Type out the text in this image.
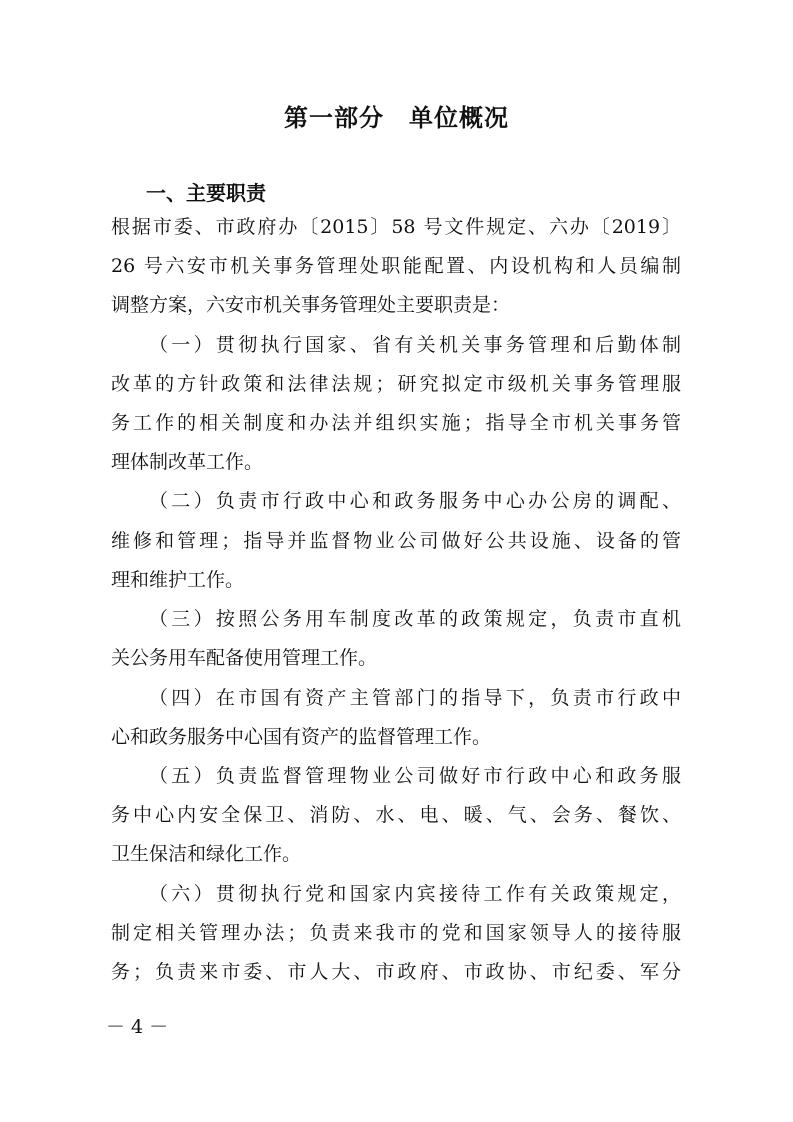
第一部分　单位概况
一、主要职责
根据市委、市政府办〔2015〕58 号文件规定、六办〔2019〕
26 号六安市机关事务管理处职能配置、内设机构和人员编制
调整方案，六安市机关事务管理处主要职责是：
（一）贯彻执行国家、省有关机关事务管理和后勤体制
改革的方针政策和法律法规；研究拟定市级机关事务管理服
务工作的相关制度和办法并组织实施；指导全市机关事务管
理体制改革工作。
（二）负责市行政中心和政务服务中心办公房的调配、
维修和管理；指导并监督物业公司做好公共设施、设备的管
理和维护工作。
（三）按照公务用车制度改革的政策规定，负责市直机
关公务用车配备使用管理工作。
（四）在市国有资产主管部门的指导下，负责市行政中
心和政务服务中心国有资产的监督管理工作。
（五）负责监督管理物业公司做好市行政中心和政务服
务中心内安全保卫、消防、水、电、暖、气、会务、餐饮、
卫生保洁和绿化工作。
（六）贯彻执行党和国家内宾接待工作有关政策规定，
制定相关管理办法；负责来我市的党和国家领导人的接待服
务；负责来市委、市人大、市政府、市政协、市纪委、军分
－ 4 －
